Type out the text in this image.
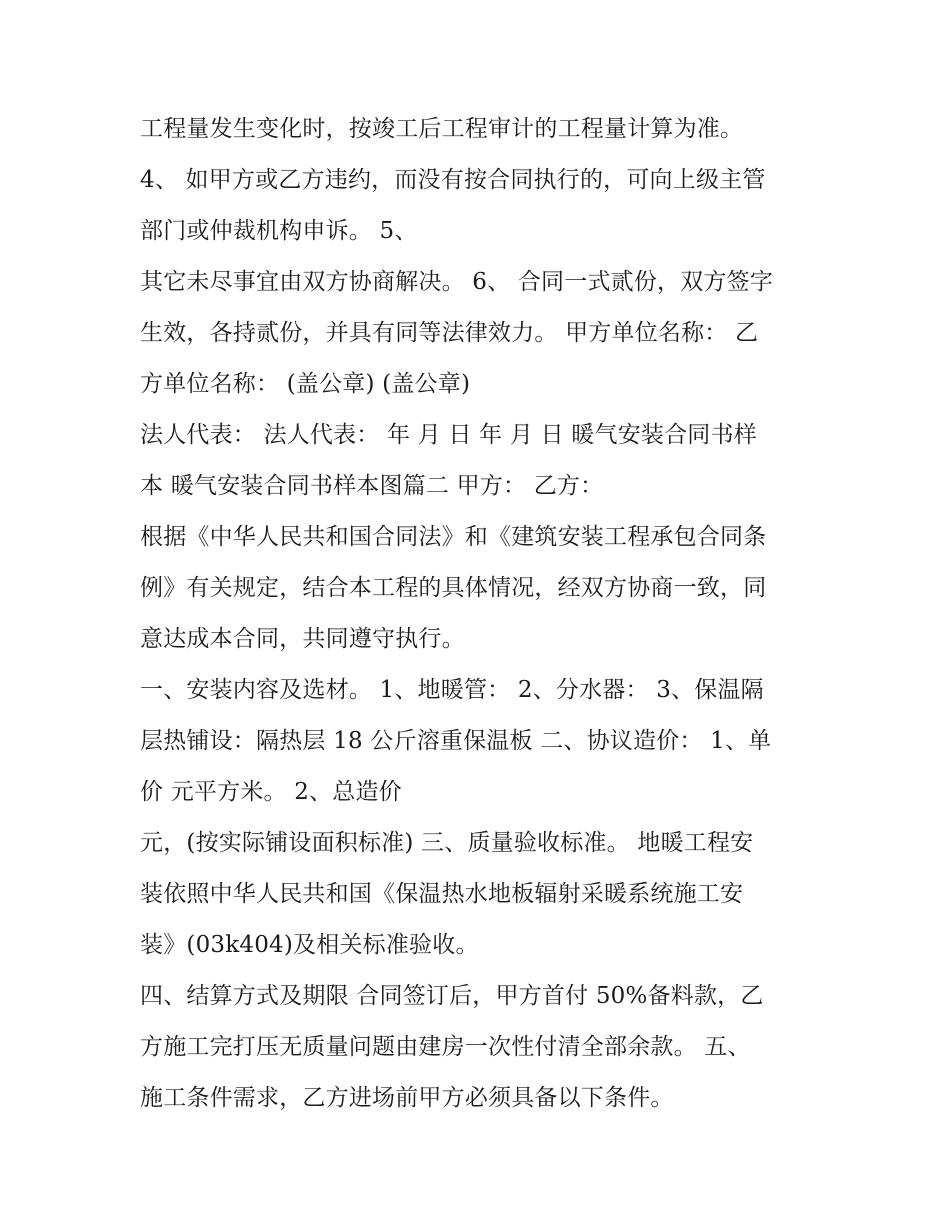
工程量发生变化时，按竣工后工程审计的工程量计算为准。
4、 如甲方或乙方违约，而没有按合同执行的，可向上级主管
部门或仲裁机构申诉。 5、
其它未尽事宜由双方协商解决。 6、 合同一式贰份，双方签字
生效，各持贰份，并具有同等法律效力。 甲方单位名称： 乙
方单位名称： (盖公章) (盖公章)
法人代表： 法人代表： 年 月 日 年 月 日 暖气安装合同书样
本 暖气安装合同书样本图篇二 甲方： 乙方：
根据《中华人民共和国合同法》和《建筑安装工程承包合同条
例》有关规定，结合本工程的具体情况，经双方协商一致，同
意达成本合同，共同遵守执行。
一、安装内容及选材。 1、地暖管： 2、分水器： 3、保温隔
层热铺设：隔热层 18 公斤溶重保温板 二、协议造价： 1、单
价 元平方米。 2、总造价
元，(按实际铺设面积标准) 三、质量验收标准。 地暖工程安
装依照中华人民共和国《保温热水地板辐射采暖系统施工安
装》(03k404)及相关标准验收。
四、结算方式及期限 合同签订后，甲方首付 50%备料款，乙
方施工完打压无质量问题由建房一次性付清全部余款。 五、
施工条件需求，乙方进场前甲方必须具备以下条件。
